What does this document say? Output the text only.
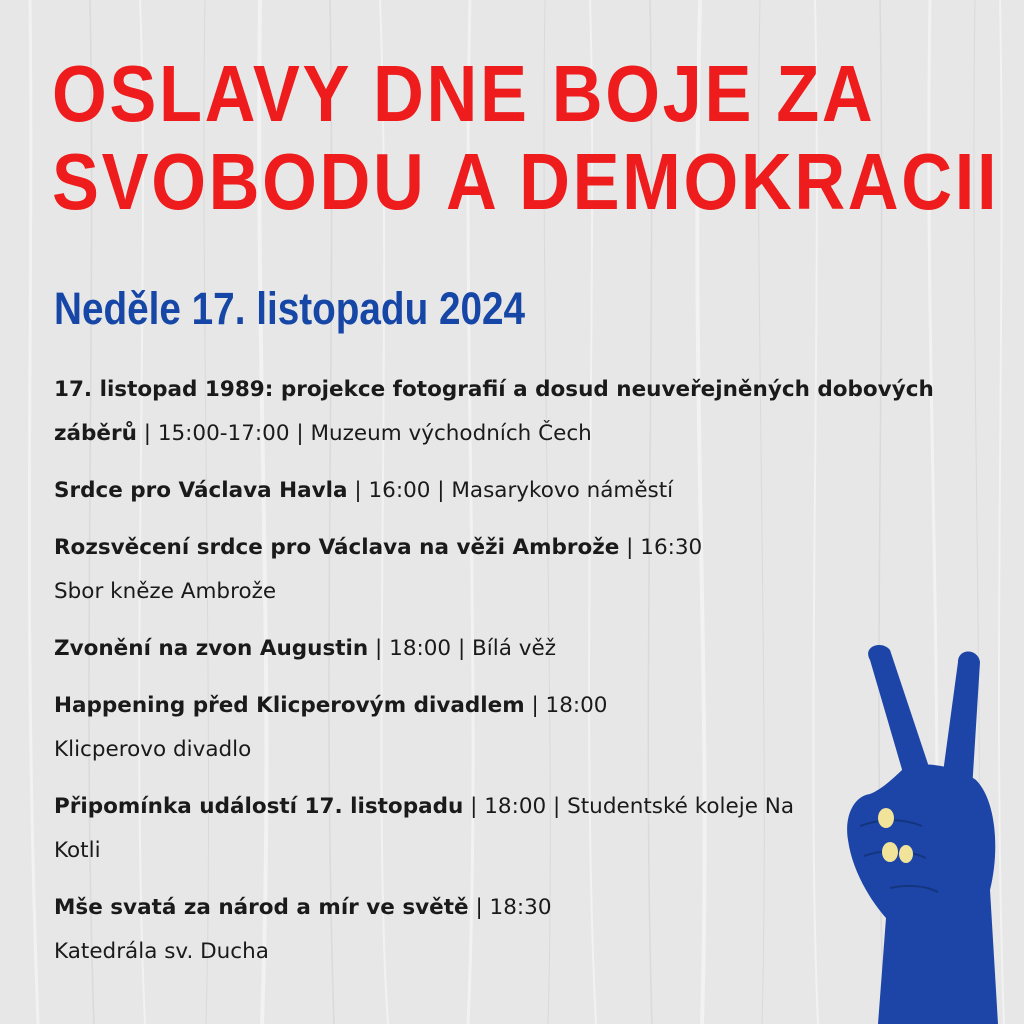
OSLAVY DNE BOJE ZA
SVOBODU A DEMOKRACII
Neděle 17. listopadu 2024
17. listopad 1989: projekce fotografií a dosud neuveřejněných dobových záběrů | 15:00-17:00 | Muzeum východních Čech
Srdce pro Václava Havla | 16:00 | Masarykovo náměstí
Rozsvěcení srdce pro Václava na věži Ambrože | 16:30
Sbor kněze Ambrože
Zvonění na zvon Augustin | 18:00 | Bílá věž
Happening před Klicperovým divadlem | 18:00
Klicperovo divadlo
Připomínka událostí 17. listopadu | 18:00 | Studentské koleje Na Kotli
Mše svatá za národ a mír ve světě | 18:30
Katedrála sv. Ducha
